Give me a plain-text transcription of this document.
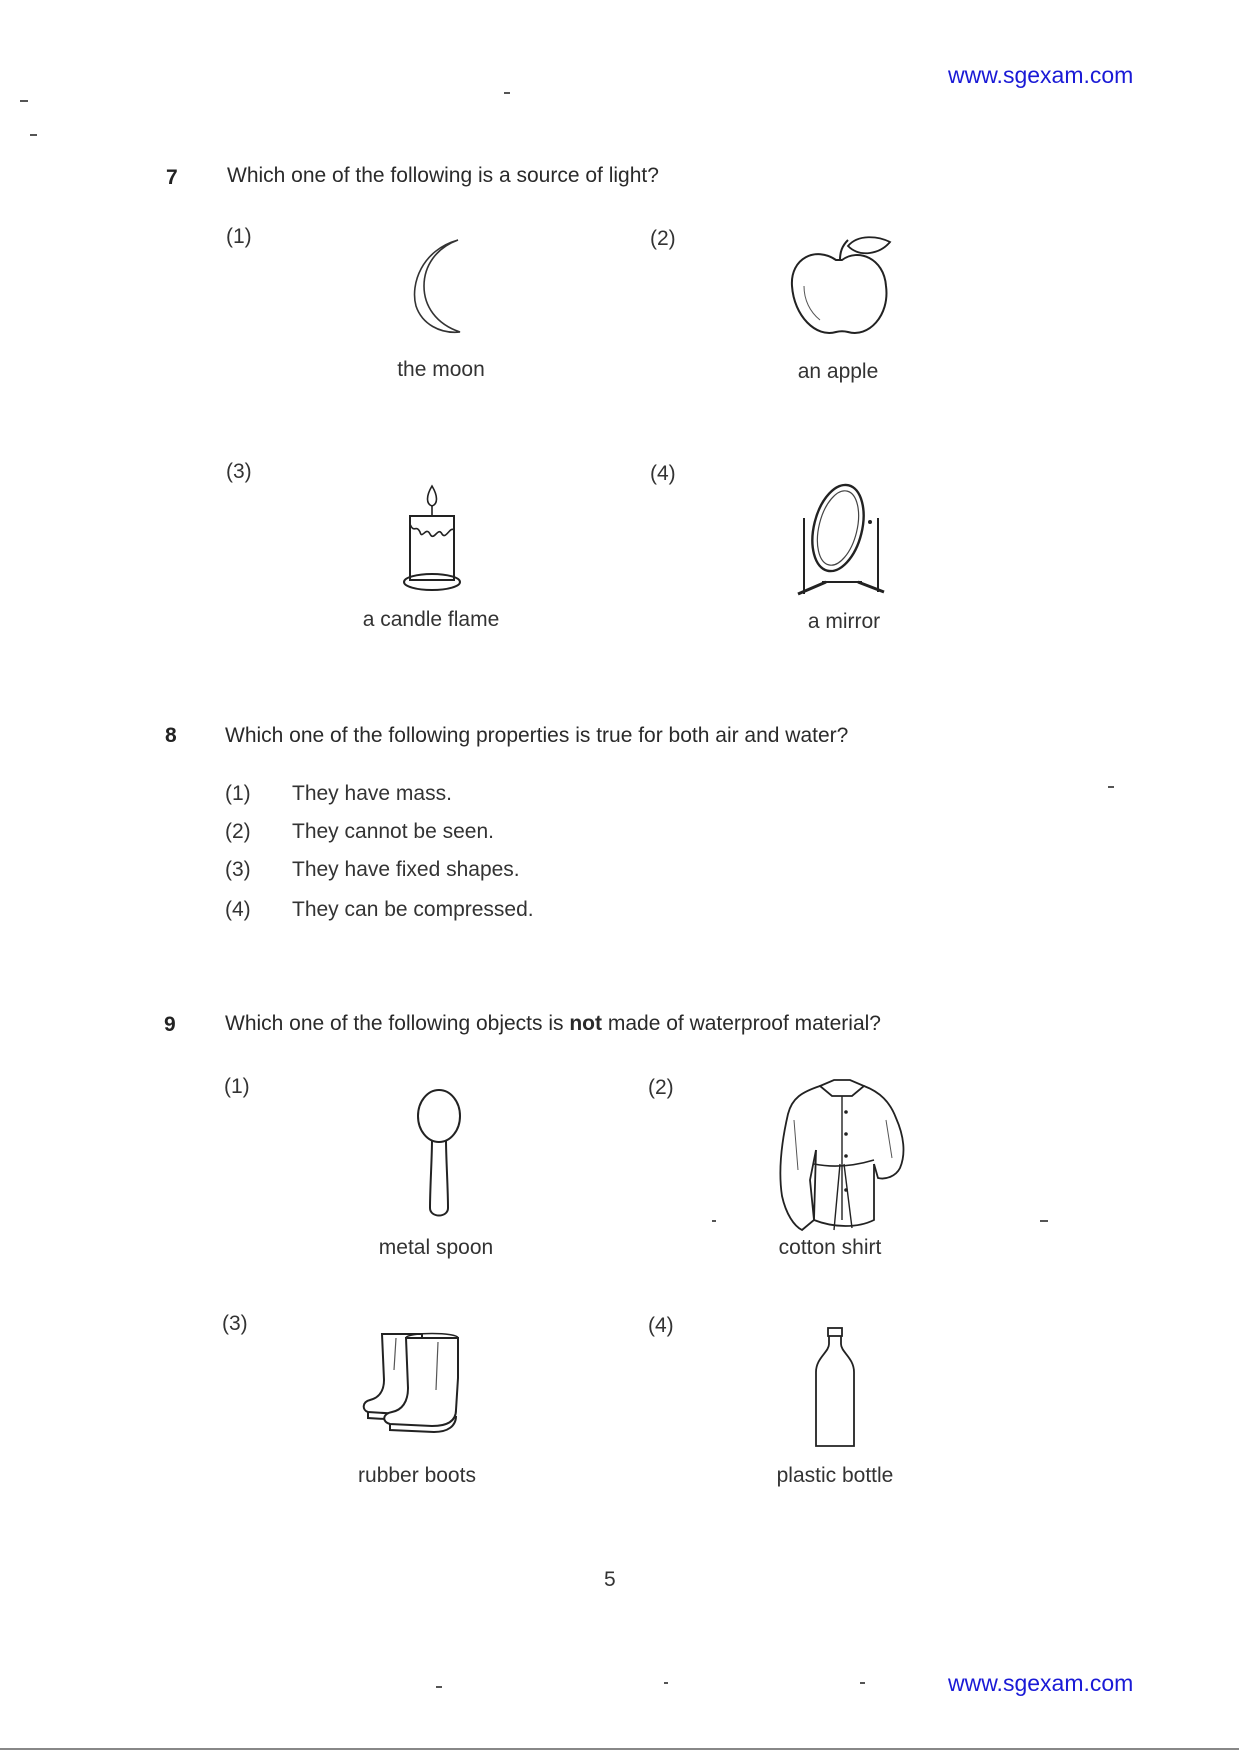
www.sgexam.com
7 Which one of the following is a source of light?
(1)
the moon
(2)
an apple
(3)
a candle flame
(4)
a mirror
8 Which one of the following properties is true for both air and water?
(1) They have mass.
(2) They cannot be seen.
(3) They have fixed shapes.
(4) They can be compressed.
9 Which one of the following objects is not made of waterproof material?
(1)
metal spoon
(2)
cotton shirt
(3)
rubber boots
(4)
plastic bottle
5
www.sgexam.com
